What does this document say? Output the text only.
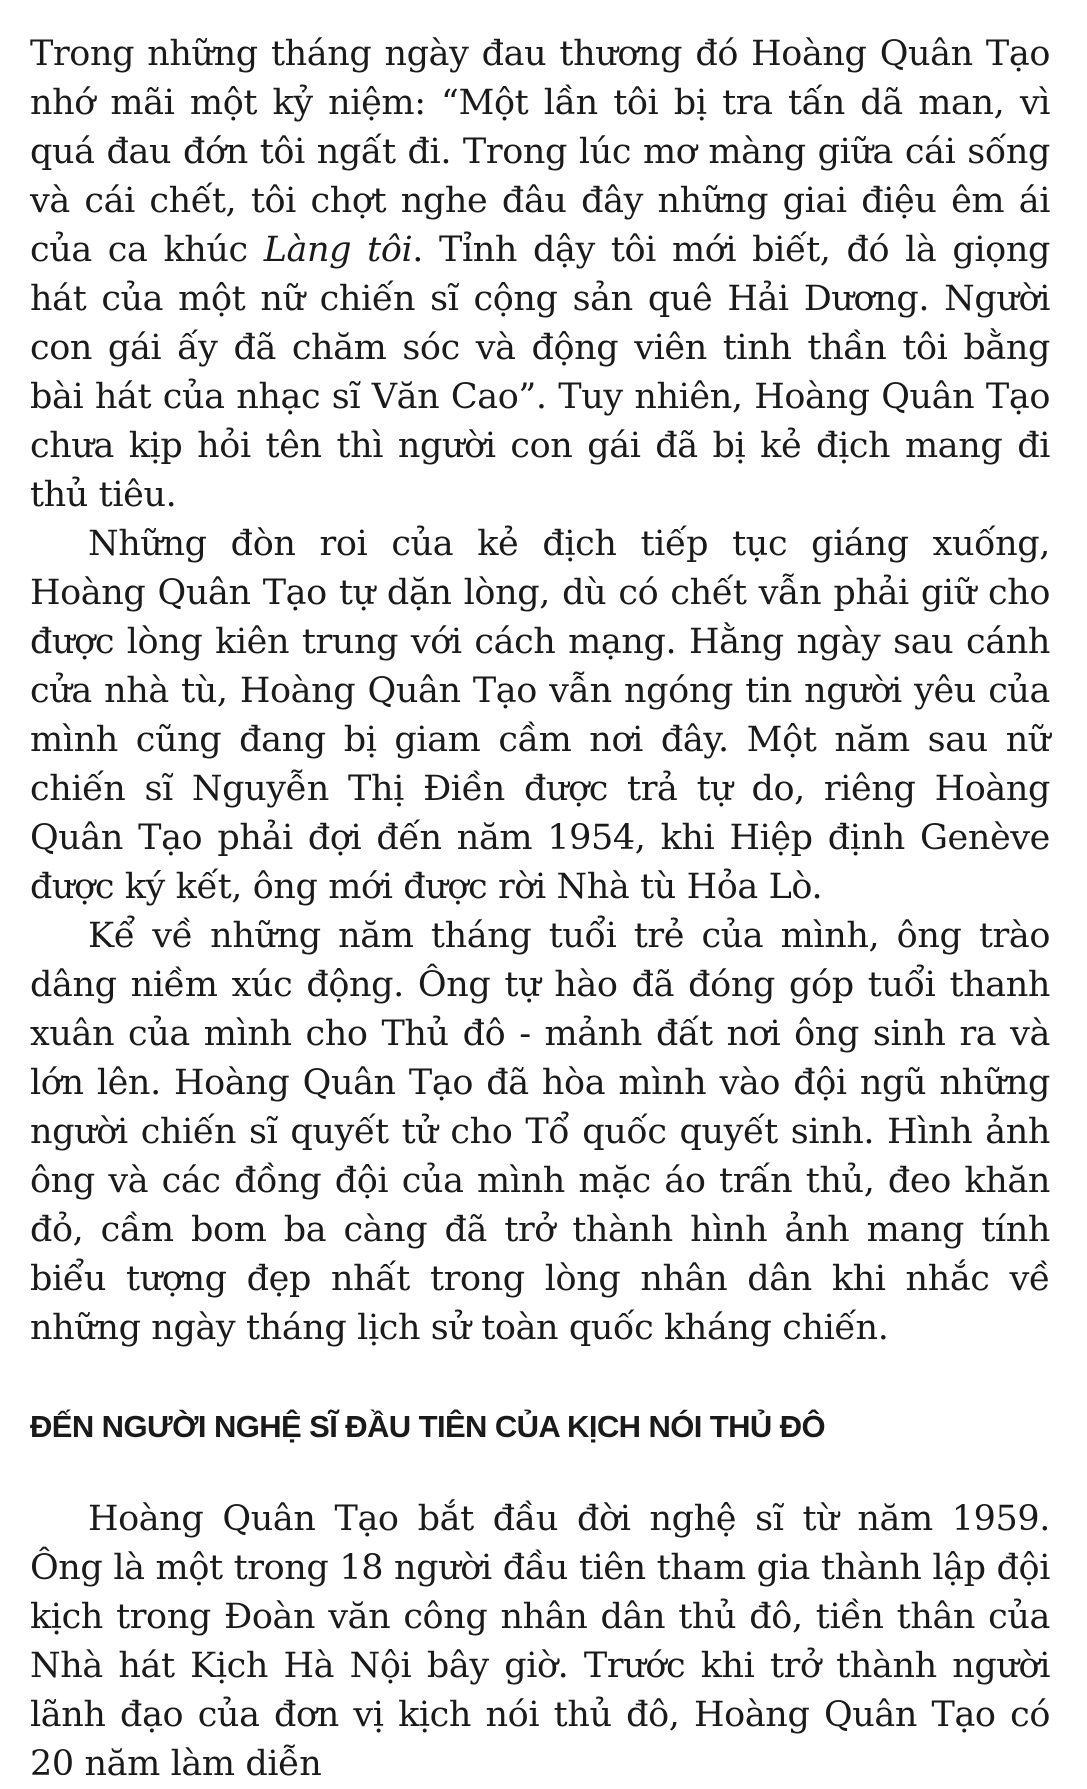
Trong những tháng ngày đau thương đó Hoàng Quân Tạo nhớ mãi một kỷ niệm: “Một lần tôi bị tra tấn dã man, vì quá đau đớn tôi ngất đi. Trong lúc mơ màng giữa cái sống và cái chết, tôi chợt nghe đâu đây những giai điệu êm ái của ca khúc Làng tôi. Tỉnh dậy tôi mới biết, đó là giọng hát của một nữ chiến sĩ cộng sản quê Hải Dương. Người con gái ấy đã chăm sóc và động viên tinh thần tôi bằng bài hát của nhạc sĩ Văn Cao”. Tuy nhiên, Hoàng Quân Tạo chưa kịp hỏi tên thì người con gái đã bị kẻ địch mang đi thủ tiêu.

Những đòn roi của kẻ địch tiếp tục giáng xuống, Hoàng Quân Tạo tự dặn lòng, dù có chết vẫn phải giữ cho được lòng kiên trung với cách mạng. Hằng ngày sau cánh cửa nhà tù, Hoàng Quân Tạo vẫn ngóng tin người yêu của mình cũng đang bị giam cầm nơi đây. Một năm sau nữ chiến sĩ Nguyễn Thị Điền được trả tự do, riêng Hoàng Quân Tạo phải đợi đến năm 1954, khi Hiệp định Genève được ký kết, ông mới được rời Nhà tù Hỏa Lò.

Kể về những năm tháng tuổi trẻ của mình, ông trào dâng niềm xúc động. Ông tự hào đã đóng góp tuổi thanh xuân của mình cho Thủ đô - mảnh đất nơi ông sinh ra và lớn lên. Hoàng Quân Tạo đã hòa mình vào đội ngũ những người chiến sĩ quyết tử cho Tổ quốc quyết sinh. Hình ảnh ông và các đồng đội của mình mặc áo trấn thủ, đeo khăn đỏ, cầm bom ba càng đã trở thành hình ảnh mang tính biểu tượng đẹp nhất trong lòng nhân dân khi nhắc về những ngày tháng lịch sử toàn quốc kháng chiến.

ĐẾN NGƯỜI NGHỆ SĨ ĐẦU TIÊN CỦA KỊCH NÓI THỦ ĐÔ

Hoàng Quân Tạo bắt đầu đời nghệ sĩ từ năm 1959. Ông là một trong 18 người đầu tiên tham gia thành lập đội kịch trong Đoàn văn công nhân dân thủ đô, tiền thân của Nhà hát Kịch Hà Nội bây giờ. Trước khi trở thành người lãnh đạo của đơn vị kịch nói thủ đô, Hoàng Quân Tạo có 20 năm làm diễn
